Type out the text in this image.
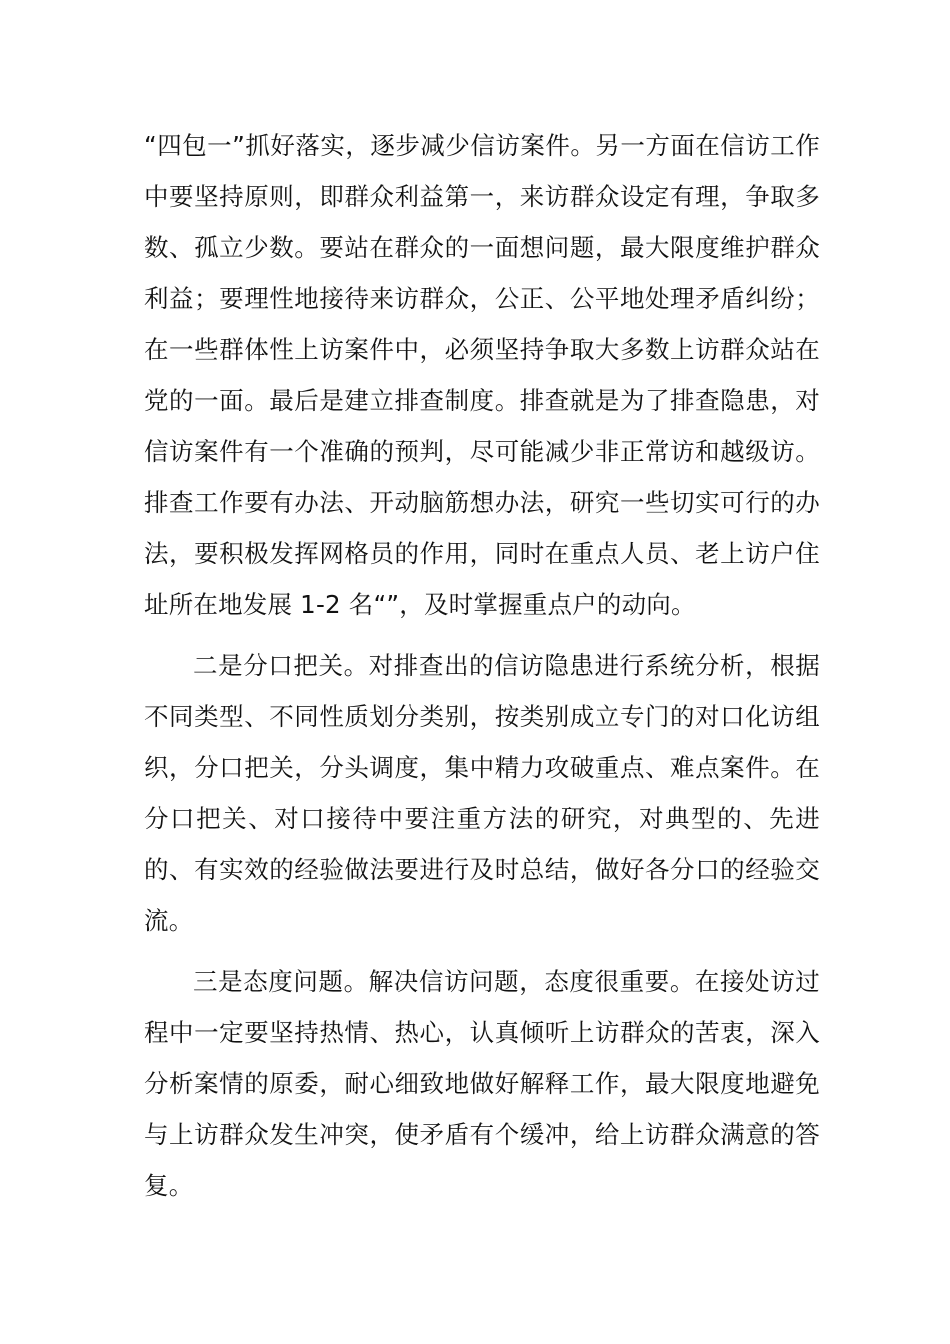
“四包一”抓好落实，逐步减少信访案件。另一方面在信访工作中要坚持原则，即群众利益第一，来访群众设定有理，争取多数、孤立少数。要站在群众的一面想问题，最大限度维护群众利益；要理性地接待来访群众，公正、公平地处理矛盾纠纷；在一些群体性上访案件中，必须坚持争取大多数上访群众站在党的一面。最后是建立排查制度。排查就是为了排查隐患，对信访案件有一个准确的预判，尽可能减少非正常访和越级访。排查工作要有办法、开动脑筋想办法，研究一些切实可行的办法，要积极发挥网格员的作用，同时在重点人员、老上访户住址所在地发展 1-2 名“”，及时掌握重点户的动向。

二是分口把关。对排查出的信访隐患进行系统分析，根据不同类型、不同性质划分类别，按类别成立专门的对口化访组织，分口把关，分头调度，集中精力攻破重点、难点案件。在分口把关、对口接待中要注重方法的研究，对典型的、先进的、有实效的经验做法要进行及时总结，做好各分口的经验交流。

三是态度问题。解决信访问题，态度很重要。在接处访过程中一定要坚持热情、热心，认真倾听上访群众的苦衷，深入分析案情的原委，耐心细致地做好解释工作，最大限度地避免与上访群众发生冲突，使矛盾有个缓冲，给上访群众满意的答复。
